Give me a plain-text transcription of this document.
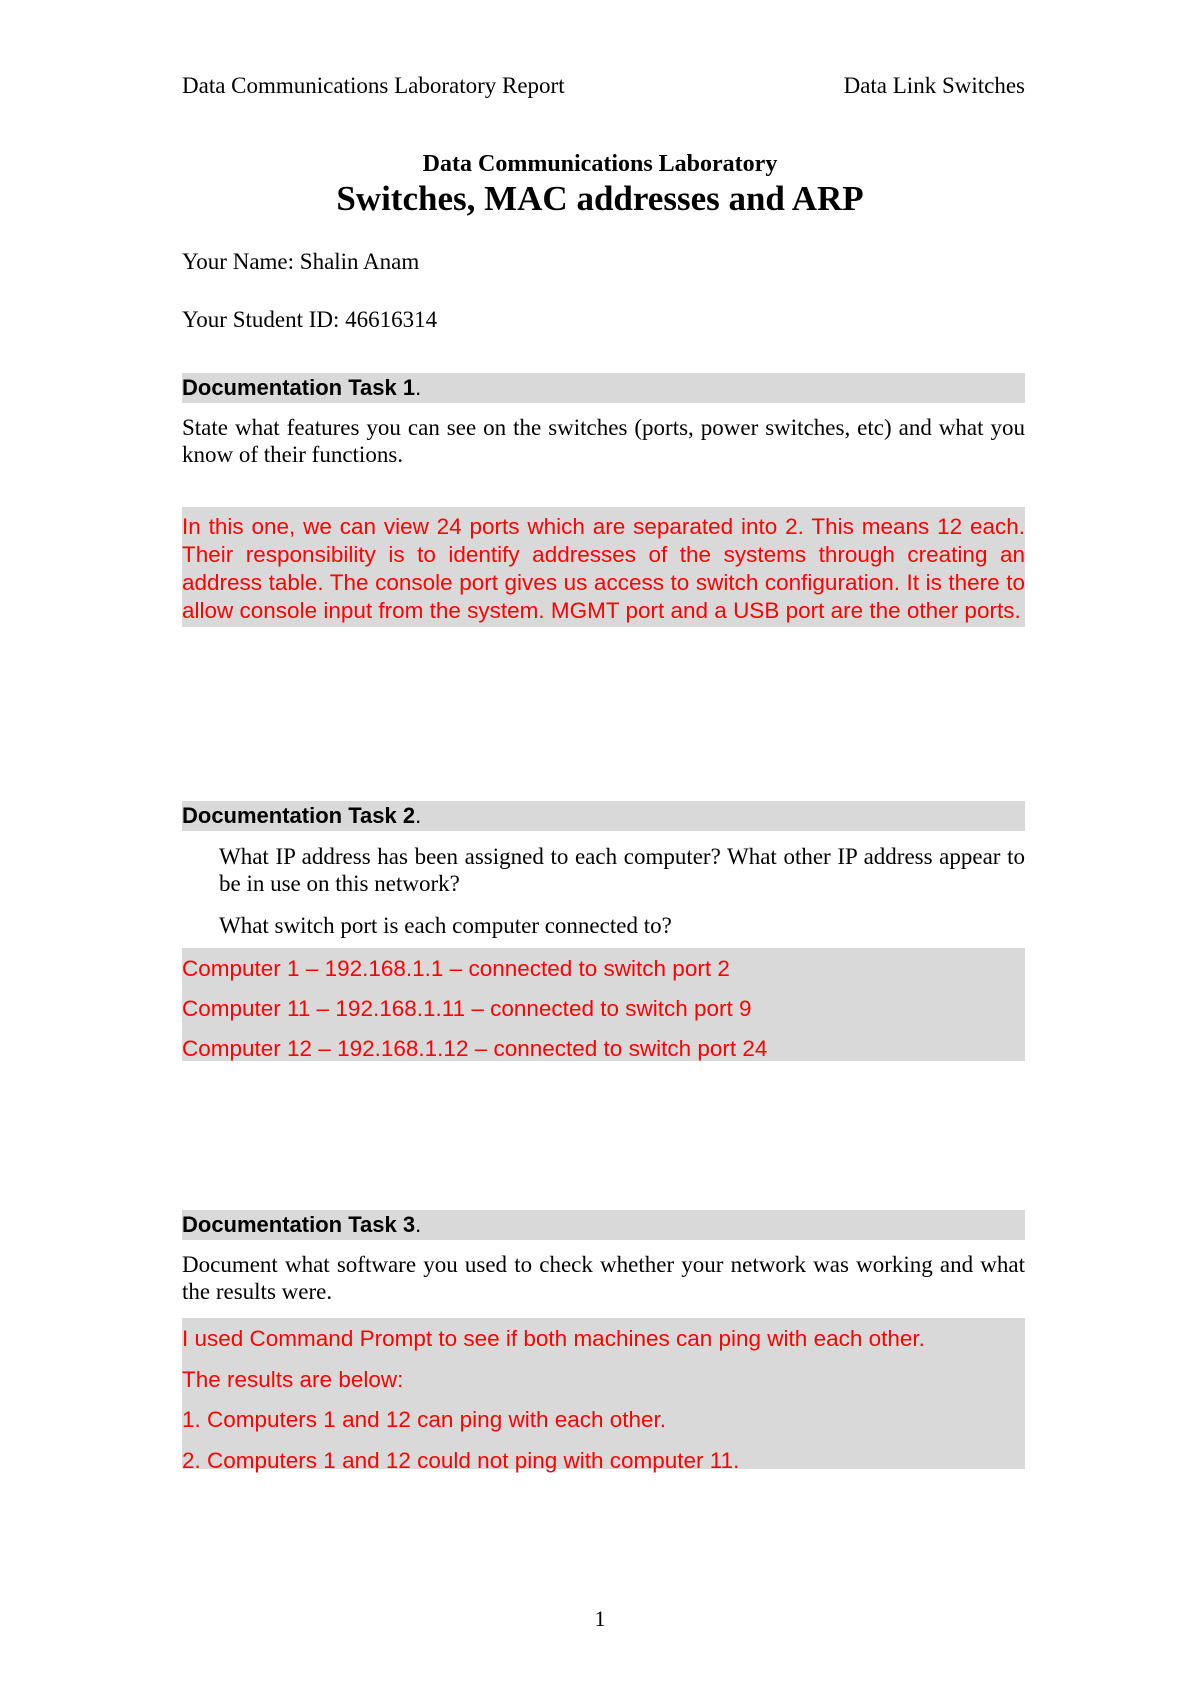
Data Communications Laboratory Report	Data Link Switches
Data Communications Laboratory
Switches, MAC addresses and ARP
Your Name: Shalin Anam
Your Student ID: 46616314
Documentation Task 1.
State what features you can see on the switches (ports, power switches, etc) and what you know of their functions.
In this one, we can view 24 ports which are separated into 2. This means 12 each. Their responsibility is to identify addresses of the systems through creating an address table. The console port gives us access to switch configuration. It is there to allow console input from the system. MGMT port and a USB port are the other ports.
Documentation Task 2.
What IP address has been assigned to each computer? What other IP address appear to be in use on this network?
What switch port is each computer connected to?
Computer 1 – 192.168.1.1 – connected to switch port 2
Computer 11 – 192.168.1.11 – connected to switch port 9
Computer 12 – 192.168.1.12 – connected to switch port 24
Documentation Task 3.
Document what software you used to check whether your network was working and what the results were.
I used Command Prompt to see if both machines can ping with each other.
The results are below:
1. Computers 1 and 12 can ping with each other.
2. Computers 1 and 12 could not ping with computer 11.
1
